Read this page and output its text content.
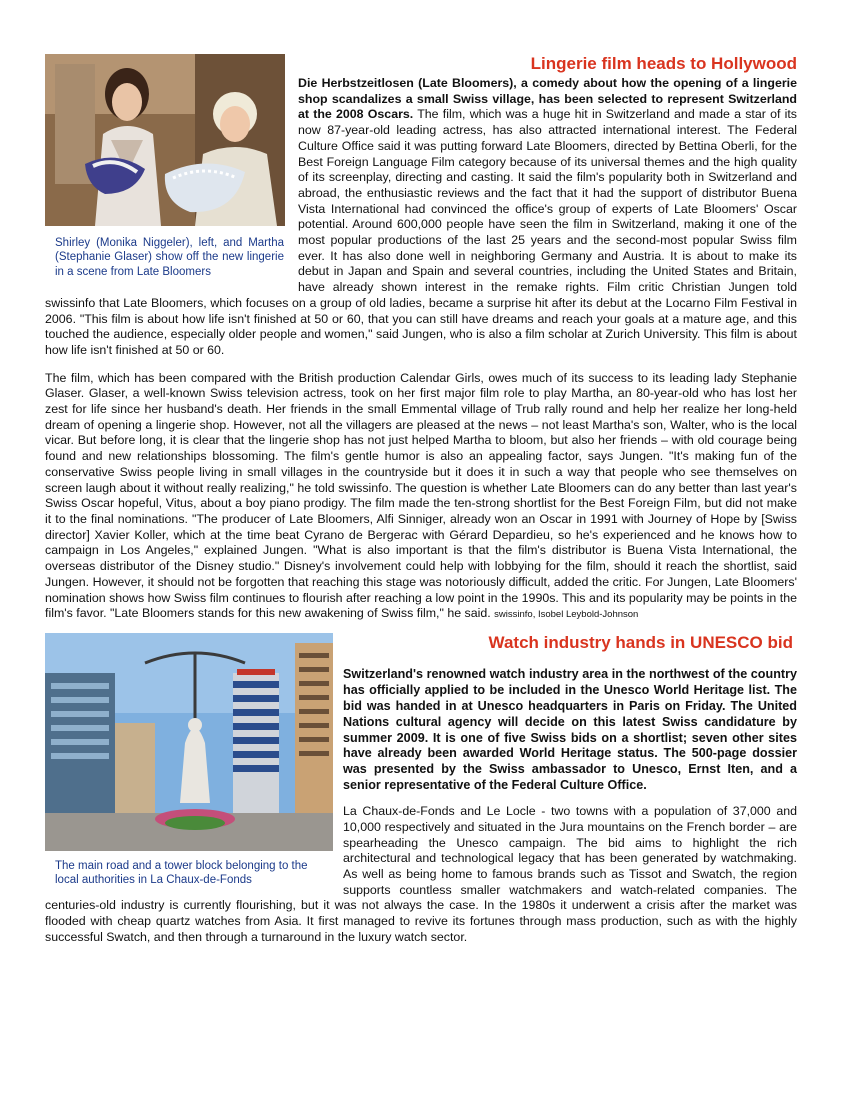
Shirley (Monika Niggeler), left, and Martha (Stephanie Glaser) show off the new lingerie in a scene from Late Bloomers
Lingerie film heads to Hollywood

Die Herbstzeitlosen (Late Bloomers), a comedy about how the opening of a lingerie shop scandalizes a small Swiss village, has been selected to represent Switzerland at the 2008 Oscars. The film, which was a huge hit in Switzerland and made a star of its now 87-year-old leading actress, has also attracted international interest. The Federal Culture Office said it was putting forward Late Bloomers, directed by Bettina Oberli, for the Best Foreign Language Film category because of its universal themes and the high quality of its screenplay, directing and casting. It said the film's popularity both in Switzerland and abroad, the enthusiastic reviews and the fact that it had the support of distributor Buena Vista International had convinced the office's group of experts of Late Bloomers' Oscar potential. Around 600,000 people have seen the film in Switzerland, making it one of the most popular productions of the last 25 years and the second-most popular Swiss film ever. It has also done well in neighboring Germany and Austria. It is about to make its debut in Japan and Spain and several countries, including the United States and Britain, have already shown interest in the remake rights. Film critic Christian Jungen told swissinfo that Late Bloomers, which focuses on a group of old ladies, became a surprise hit after its debut at the Locarno Film Festival in 2006. "This film is about how life isn't finished at 50 or 60, that you can still have dreams and reach your goals at a mature age, and this touched the audience, especially older people and women," said Jungen, who is also a film scholar at Zurich University. This film is about how life isn't finished at 50 or 60.

The film, which has been compared with the British production Calendar Girls, owes much of its success to its leading lady Stephanie Glaser. Glaser, a well-known Swiss television actress, took on her first major film role to play Martha, an 80-year-old who has lost her zest for life since her husband's death. Her friends in the small Emmental village of Trub rally round and help her realize her long-held dream of opening a lingerie shop. However, not all the villagers are pleased at the news – not least Martha's son, Walter, who is the local vicar. But before long, it is clear that the lingerie shop has not just helped Martha to bloom, but also her friends – with old courage being found and new relationships blossoming. The film's gentle humor is also an appealing factor, says Jungen. "It's making fun of the conservative Swiss people living in small villages in the countryside but it does it in such a way that people who see themselves on screen laugh about it without really realizing," he told swissinfo. The question is whether Late Bloomers can do any better than last year's Swiss Oscar hopeful, Vitus, about a boy piano prodigy. The film made the ten-strong shortlist for the Best Foreign Film, but did not make it to the final nominations. "The producer of Late Bloomers, Alfi Sinniger, already won an Oscar in 1991 with Journey of Hope by [Swiss director] Xavier Koller, which at the time beat Cyrano de Bergerac with Gérard Depardieu, so he's experienced and he knows how to campaign in Los Angeles," explained Jungen. "What is also important is that the film's distributor is Buena Vista International, the overseas distributor of the Disney studio." Disney's involvement could help with lobbying for the film, should it reach the shortlist, said Jungen. However, it should not be forgotten that reaching this stage was notoriously difficult, added the critic. For Jungen, Late Bloomers' nomination shows how Swiss film continues to flourish after reaching a low point in the 1990s. This and its popularity may be points in the film's favor. "Late Bloomers stands for this new awakening of Swiss film," he said. swissinfo, Isobel Leybold-Johnson

The main road and a tower block belonging to the local authorities in La Chaux-de-Fonds
Watch industry hands in UNESCO bid

Switzerland's renowned watch industry area in the northwest of the country has officially applied to be included in the Unesco World Heritage list. The bid was handed in at Unesco headquarters in Paris on Friday. The United Nations cultural agency will decide on this latest Swiss candidature by summer 2009. It is one of five Swiss bids on a shortlist; seven other sites have already been awarded World Heritage status. The 500-page dossier was presented by the Swiss ambassador to Unesco, Ernst Iten, and a senior representative of the Federal Culture Office.

La Chaux-de-Fonds and Le Locle - two towns with a population of 37,000 and 10,000 respectively and situated in the Jura mountains on the French border – are spearheading the Unesco campaign. The bid aims to highlight the rich architectural and technological legacy that has been generated by watchmaking. As well as being home to famous brands such as Tissot and Swatch, the region supports countless smaller watchmakers and watch-related companies. The centuries-old industry is currently flourishing, but it was not always the case. In the 1980s it underwent a crisis after the market was flooded with cheap quartz watches from Asia. It first managed to revive its fortunes through mass production, such as with the highly successful Swatch, and then through a turnaround in the luxury watch sector.
